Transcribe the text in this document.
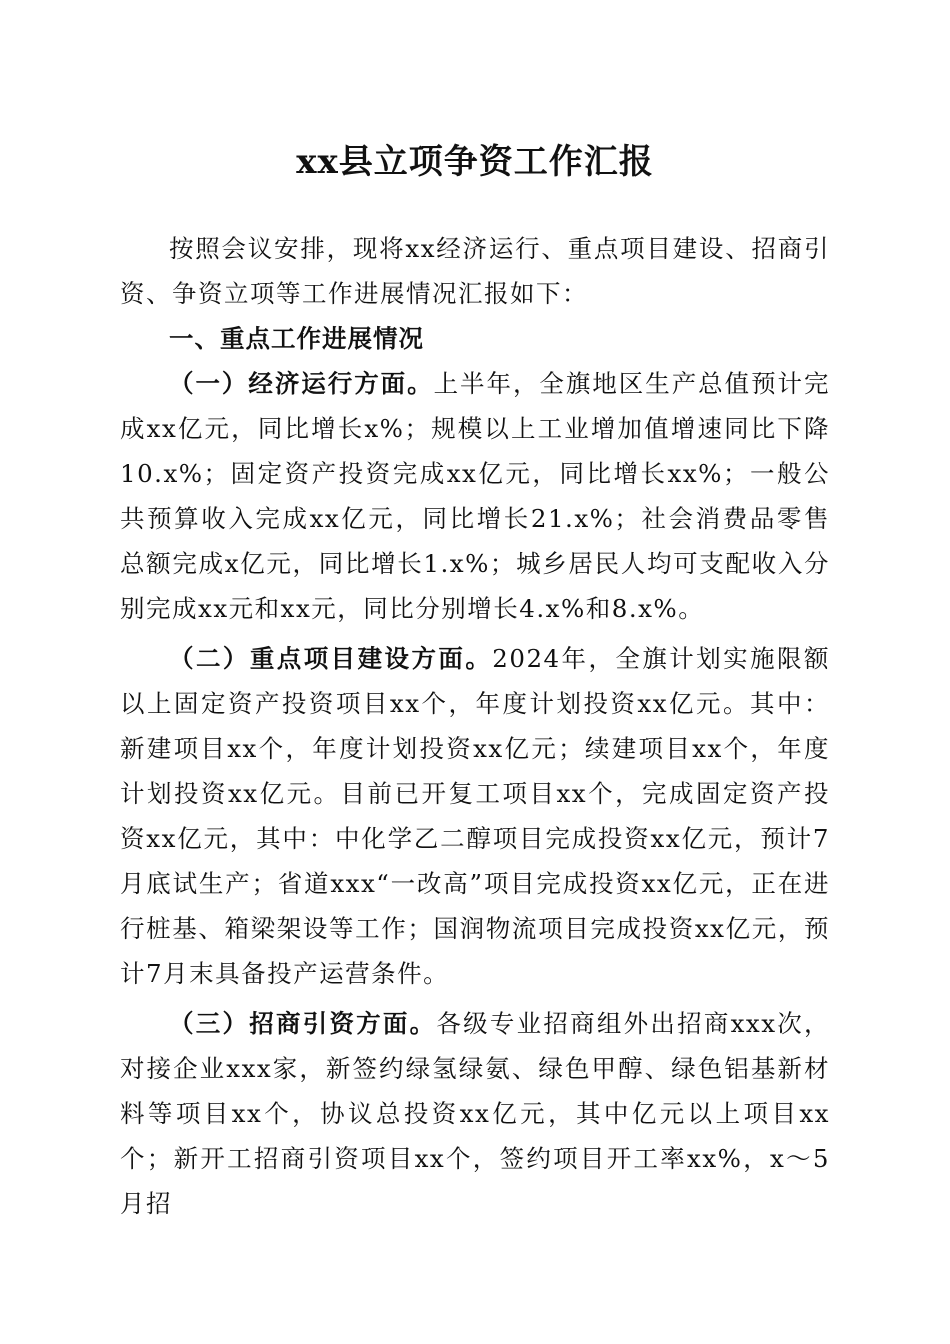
xx县立项争资工作汇报

按照会议安排，现将xx经济运行、重点项目建设、招商引资、争资立项等工作进展情况汇报如下：

一、重点工作进展情况

（一）经济运行方面。上半年，全旗地区生产总值预计完成xx亿元，同比增长x%；规模以上工业增加值增速同比下降10.x%；固定资产投资完成xx亿元，同比增长xx%；一般公共预算收入完成xx亿元，同比增长21.x%；社会消费品零售总额完成x亿元，同比增长1.x%；城乡居民人均可支配收入分别完成xx元和xx元，同比分别增长4.x%和8.x%。

（二）重点项目建设方面。2024年，全旗计划实施限额以上固定资产投资项目xx个，年度计划投资xx亿元。其中：新建项目xx个，年度计划投资xx亿元；续建项目xx个，年度计划投资xx亿元。目前已开复工项目xx个，完成固定资产投资xx亿元，其中：中化学乙二醇项目完成投资xx亿元，预计7月底试生产；省道xxx“一改高”项目完成投资xx亿元，正在进行桩基、箱梁架设等工作；国润物流项目完成投资xx亿元，预计7月末具备投产运营条件。

（三）招商引资方面。各级专业招商组外出招商xxx次，对接企业xxx家，新签约绿氢绿氨、绿色甲醇、绿色铝基新材料等项目xx个，协议总投资xx亿元，其中亿元以上项目xx个；新开工招商引资项目xx个，签约项目开工率xx%，x～5月招
